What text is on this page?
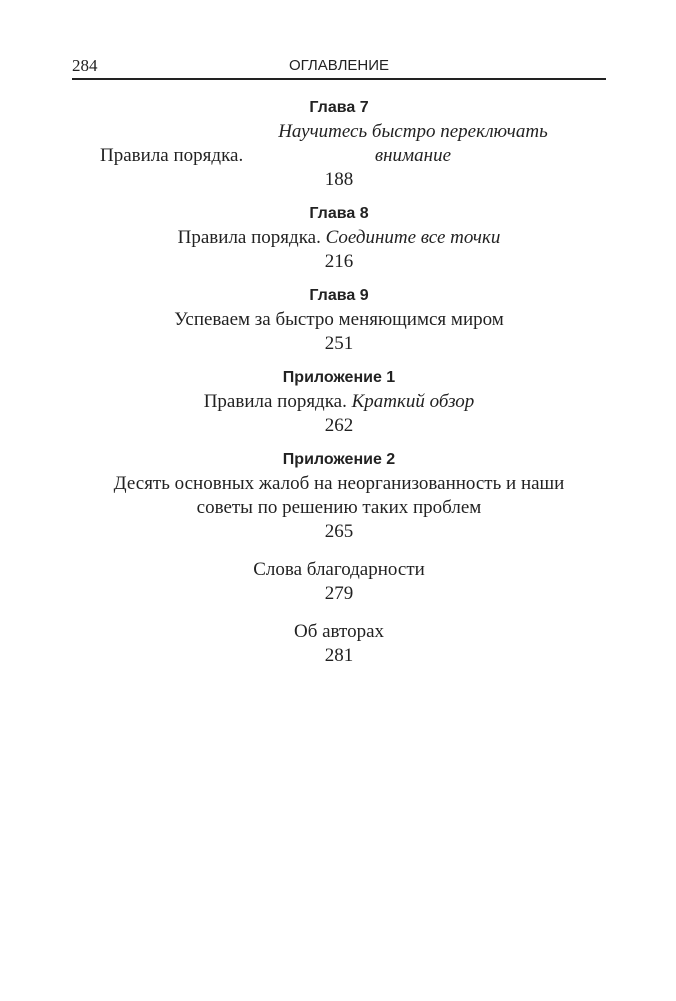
284	ОГЛАВЛЕНИЕ
Глава 7
Правила порядка. Научитесь быстро переключать внимание
188
Глава 8
Правила порядка. Соедините все точки
216
Глава 9
Успеваем за быстро меняющимся миром
251
Приложение 1
Правила порядка. Краткий обзор
262
Приложение 2
Десять основных жалоб на неорганизованность и наши советы по решению таких проблем
265
Слова благодарности
279
Об авторах
281
